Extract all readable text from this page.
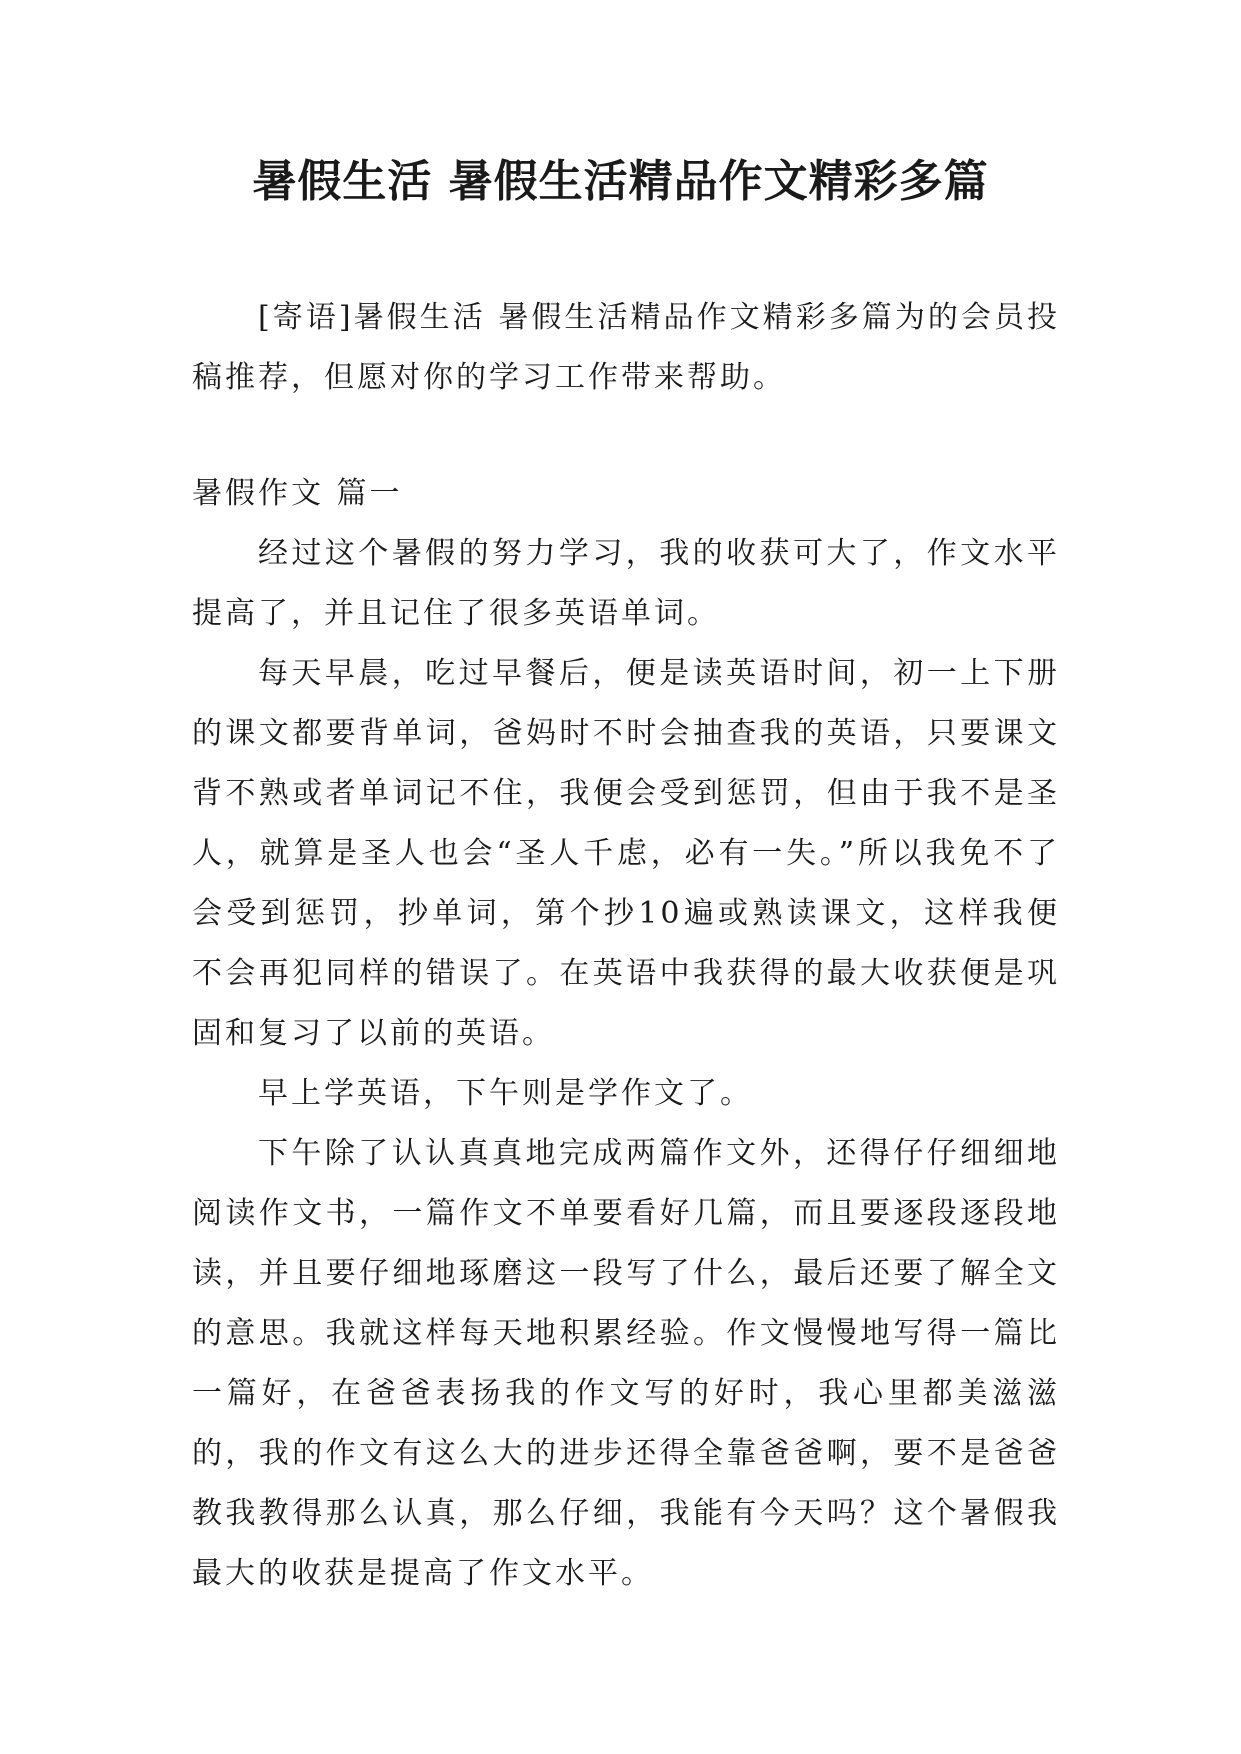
暑假生活 暑假生活精品作文精彩多篇

[寄语]暑假生活 暑假生活精品作文精彩多篇为的会员投稿推荐，但愿对你的学习工作带来帮助。

暑假作文 篇一

经过这个暑假的努力学习，我的收获可大了，作文水平提高了，并且记住了很多英语单词。

每天早晨，吃过早餐后，便是读英语时间，初一上下册的课文都要背单词，爸妈时不时会抽查我的英语，只要课文背不熟或者单词记不住，我便会受到惩罚，但由于我不是圣人，就算是圣人也会“圣人千虑，必有一失。”所以我免不了会受到惩罚，抄单词，第个抄10遍或熟读课文，这样我便不会再犯同样的错误了。在英语中我获得的最大收获便是巩固和复习了以前的英语。

早上学英语，下午则是学作文了。

下午除了认认真真地完成两篇作文外，还得仔仔细细地阅读作文书，一篇作文不单要看好几篇，而且要逐段逐段地读，并且要仔细地琢磨这一段写了什么，最后还要了解全文的意思。我就这样每天地积累经验。作文慢慢地写得一篇比一篇好，在爸爸表扬我的作文写的好时，我心里都美滋滋的，我的作文有这么大的进步还得全靠爸爸啊，要不是爸爸教我教得那么认真，那么仔细，我能有今天吗？这个暑假我最大的收获是提高了作文水平。
